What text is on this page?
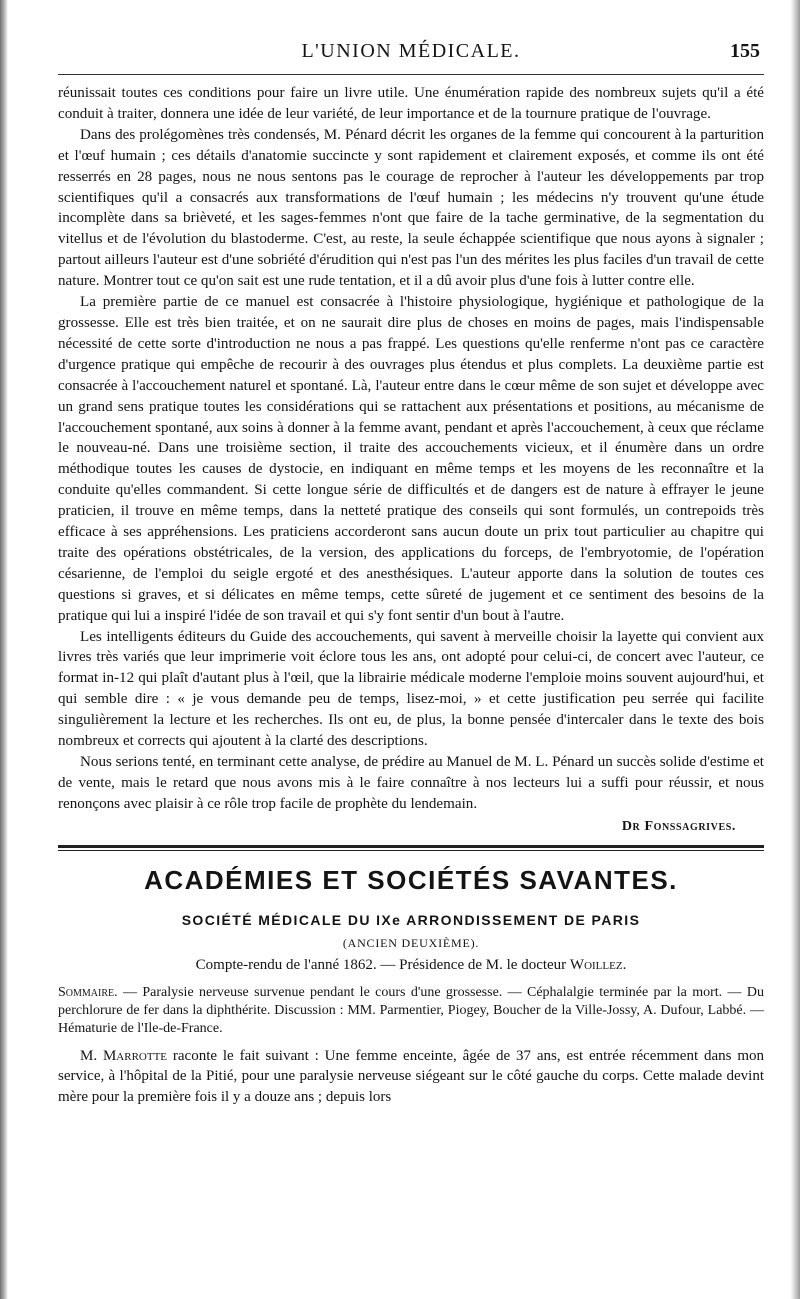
L'UNION MÉDICALE.	155

réunissait toutes ces conditions pour faire un livre utile. Une énumération rapide des nombreux sujets qu'il a été conduit à traiter, donnera une idée de leur variété, de leur importance et de la tournure pratique de l'ouvrage.

Dans des prolégomènes très condensés, M. Pénard décrit les organes de la femme qui concourent à la parturition et l'œuf humain ; ces détails d'anatomie succincte y sont rapidement et clairement exposés, et comme ils ont été resserrés en 28 pages, nous ne nous sentons pas le courage de reprocher à l'auteur les développements par trop scientifiques qu'il a consacrés aux transformations de l'œuf humain ; les médecins n'y trouvent qu'une étude incomplète dans sa brièveté, et les sages-femmes n'ont que faire de la tache germinative, de la segmentation du vitellus et de l'évolution du blastoderme. C'est, au reste, la seule échappée scientifique que nous ayons à signaler ; partout ailleurs l'auteur est d'une sobriété d'érudition qui n'est pas l'un des mérites les plus faciles d'un travail de cette nature. Montrer tout ce qu'on sait est une rude tentation, et il a dû avoir plus d'une fois à lutter contre elle.

La première partie de ce manuel est consacrée à l'histoire physiologique, hygiénique et pathologique de la grossesse. Elle est très bien traitée, et on ne saurait dire plus de choses en moins de pages, mais l'indispensable nécessité de cette sorte d'introduction ne nous a pas frappé. Les questions qu'elle renferme n'ont pas ce caractère d'urgence pratique qui empêche de recourir à des ouvrages plus étendus et plus complets. La deuxième partie est consacrée à l'accouchement naturel et spontané. Là, l'auteur entre dans le cœur même de son sujet et développe avec un grand sens pratique toutes les considérations qui se rattachent aux présentations et positions, au mécanisme de l'accouchement spontané, aux soins à donner à la femme avant, pendant et après l'accouchement, à ceux que réclame le nouveau-né. Dans une troisième section, il traite des accouchements vicieux, et il énumère dans un ordre méthodique toutes les causes de dystocie, en indiquant en même temps et les moyens de les reconnaître et la conduite qu'elles commandent. Si cette longue série de difficultés et de dangers est de nature à effrayer le jeune praticien, il trouve en même temps, dans la netteté pratique des conseils qui sont formulés, un contrepoids très efficace à ses appréhensions. Les praticiens accorderont sans aucun doute un prix tout particulier au chapitre qui traite des opérations obstétricales, de la version, des applications du forceps, de l'embryotomie, de l'opération césarienne, de l'emploi du seigle ergoté et des anesthésiques. L'auteur apporte dans la solution de toutes ces questions si graves, et si délicates en même temps, cette sûreté de jugement et ce sentiment des besoins de la pratique qui lui a inspiré l'idée de son travail et qui s'y font sentir d'un bout à l'autre.

Les intelligents éditeurs du Guide des accouchements, qui savent à merveille choisir la layette qui convient aux livres très variés que leur imprimerie voit éclore tous les ans, ont adopté pour celui-ci, de concert avec l'auteur, ce format in-12 qui plaît d'autant plus à l'œil, que la librairie médicale moderne l'emploie moins souvent aujourd'hui, et qui semble dire : « je vous demande peu de temps, lisez-moi, » et cette justification peu serrée qui facilite singulièrement la lecture et les recherches. Ils ont eu, de plus, la bonne pensée d'intercaler dans le texte des bois nombreux et corrects qui ajoutent à la clarté des descriptions.

Nous serions tenté, en terminant cette analyse, de prédire au Manuel de M. L. Pénard un succès solide d'estime et de vente, mais le retard que nous avons mis à le faire connaître à nos lecteurs lui a suffi pour réussir, et nous renonçons avec plaisir à ce rôle trop facile de prophète du lendemain.

Dr Fonssagrives.
ACADÉMIES ET SOCIÉTÉS SAVANTES.
SOCIÉTÉ MÉDICALE DU IXe ARRONDISSEMENT DE PARIS
(ANCIEN DEUXIÈME).
Compte-rendu de l'anné 1862. — Présidence de M. le docteur Woillez.
Sommaire. — Paralysie nerveuse survenue pendant le cours d'une grossesse. — Céphalalgie terminée par la mort. — Du perchlorure de fer dans la diphthérite. Discussion : MM. Parmentier, Piogey, Boucher de la Ville-Jossy, A. Dufour, Labbé. — Hématurie de l'Ile-de-France.
M. Marrotte raconte le fait suivant : Une femme enceinte, âgée de 37 ans, est entrée récemment dans mon service, à l'hôpital de la Pitié, pour une paralysie nerveuse siégeant sur le côté gauche du corps. Cette malade devint mère pour la première fois il y a douze ans ; depuis lors
